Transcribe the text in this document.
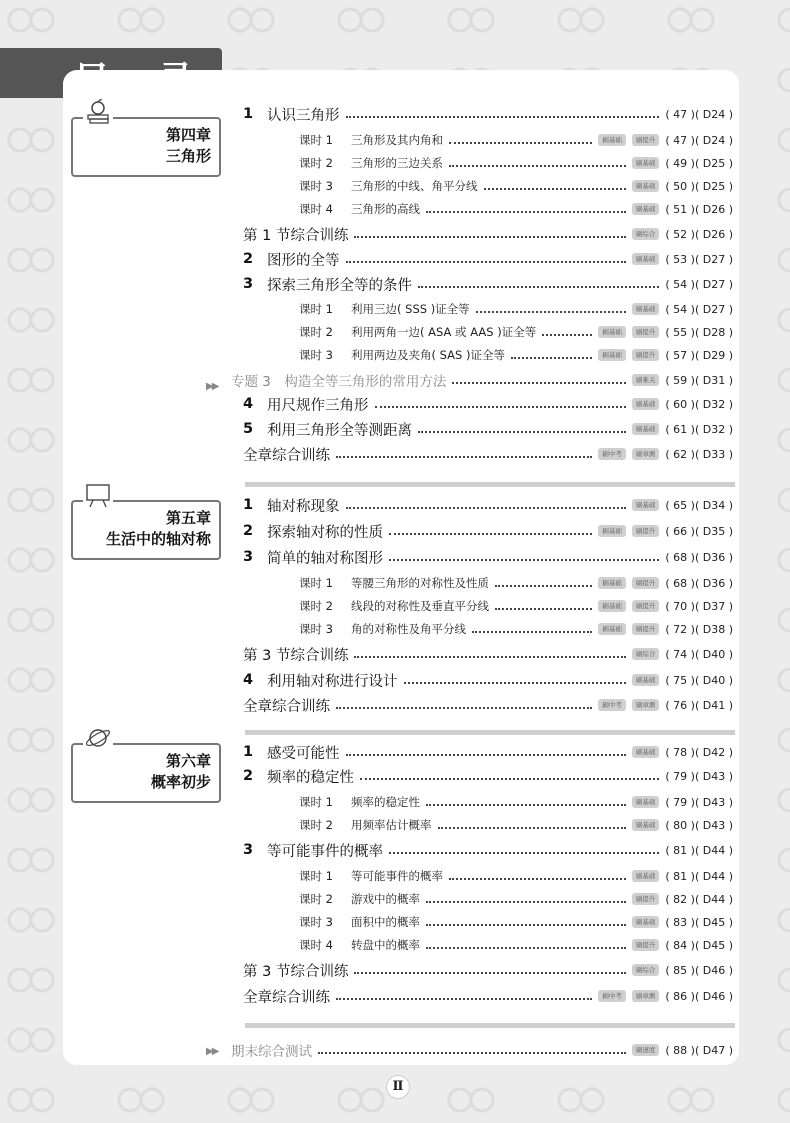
第四章
三角形
第五章
生活中的轴对称
第六章
概率初步
▶▶
▶▶
1 认识三角形	( 47 )( D24 )
课时 1	三角形及其内角和	刷基础	刷提升 ( 47 )( D24 )
课时 2	三角形的三边关系	刷基础 ( 49 )( D25 )
课时 3	三角形的中线、角平分线	刷基础 ( 50 )( D25 )
课时 4	三角形的高线	刷基础 ( 51 )( D26 )
第 1 节综合训练	刷综合 ( 52 )( D26 )
2 图形的全等	刷基础 ( 53 )( D27 )
3 探索三角形全等的条件	( 54 )( D27 )
课时 1	利用三边( SSS )证全等	刷基础 ( 54 )( D27 )
课时 2	利用两角一边( ASA 或 AAS )证全等	刷基础	刷提升 ( 55 )( D28 )
课时 3	利用两边及夹角( SAS )证全等	刷基础	刷提升 ( 57 )( D29 )
专题 3　构造全等三角形的常用方法	刷难关 ( 59 )( D31 )
4 用尺规作三角形	刷基础 ( 60 )( D32 )
5 利用三角形全等测距离	刷基础 ( 61 )( D32 )
全章综合训练	刷中考	刷章测 ( 62 )( D33 )
1 轴对称现象	刷基础 ( 65 )( D34 )
2 探索轴对称的性质	刷基础	刷提升 ( 66 )( D35 )
3 简单的轴对称图形	( 68 )( D36 )
课时 1	等腰三角形的对称性及性质	刷基础	刷提升 ( 68 )( D36 )
课时 2	线段的对称性及垂直平分线	刷基础	刷提升 ( 70 )( D37 )
课时 3	角的对称性及角平分线	刷基础	刷提升 ( 72 )( D38 )
第 3 节综合训练	刷综合 ( 74 )( D40 )
4 利用轴对称进行设计	刷基础 ( 75 )( D40 )
全章综合训练	刷中考	刷章测 ( 76 )( D41 )
1 感受可能性	刷基础 ( 78 )( D42 )
2 频率的稳定性	( 79 )( D43 )
课时 1	频率的稳定性	刷基础 ( 79 )( D43 )
课时 2	用频率估计概率	刷基础 ( 80 )( D43 )
3 等可能事件的概率	( 81 )( D44 )
课时 1	等可能事件的概率	刷基础 ( 81 )( D44 )
课时 2	游戏中的概率	刷提升 ( 82 )( D44 )
课时 3	面积中的概率	刷基础 ( 83 )( D45 )
课时 4	转盘中的概率	刷提升 ( 84 )( D45 )
第 3 节综合训练	刷综合 ( 85 )( D46 )
全章综合训练	刷中考	刷章测 ( 86 )( D46 )
期末综合测试	刷速度 ( 88 )( D47 )
Ⅱ
